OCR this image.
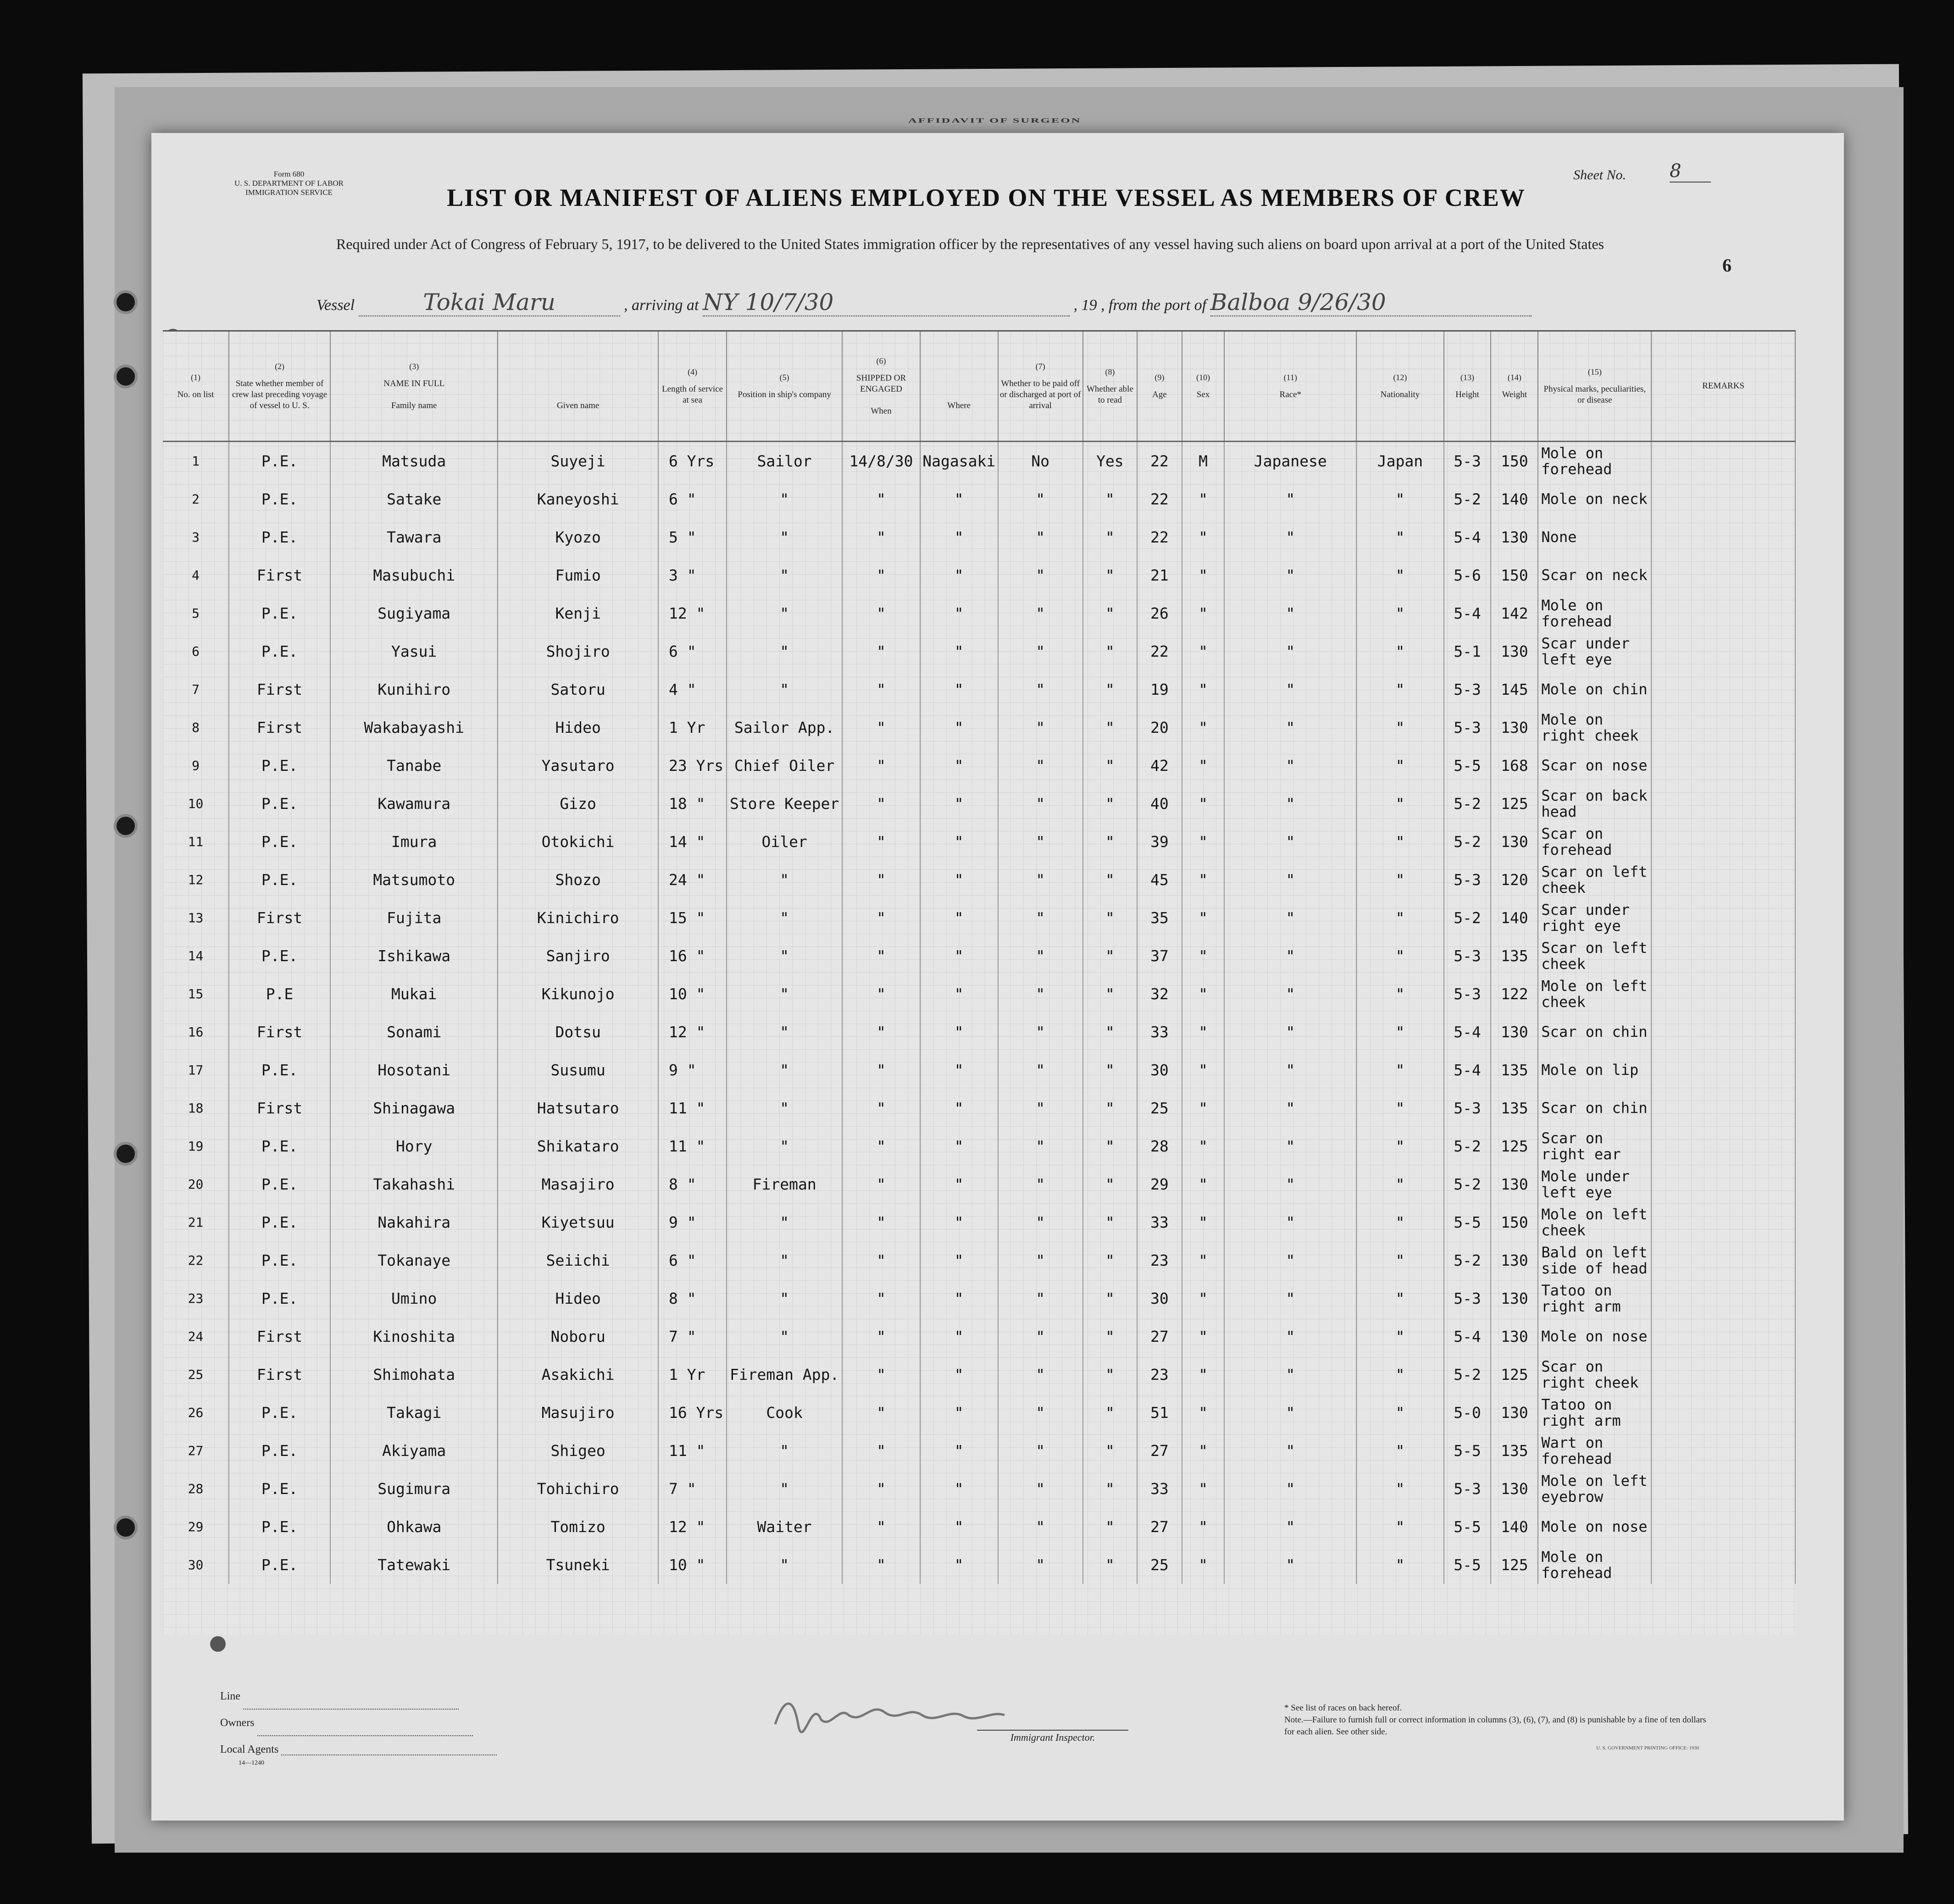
AFFIDAVIT OF SURGEON
Form 680
U. S. DEPARTMENT OF LABOR
IMMIGRATION SERVICE
Sheet No. 8
LIST OR MANIFEST OF ALIENS EMPLOYED ON THE VESSEL AS MEMBERS OF CREW
Required under Act of Congress of February 5, 1917, to be delivered to the United States immigration officer by the representatives of any vessel having such aliens on board upon arrival at a port of the United States
6
Vessel	Tokai Maru	, arriving at NY 10/7/30	, 19 , from the port of Balboa 9/26/30
(1)
No. on list	(2)
State whether member of crew last preceding voyage of vessel to U. S.	(3)
NAME IN FULL

Family name	Given name	(4)
Length of service at sea	(5)
Position in ship's company	(6)
SHIPPED OR ENGAGED

When	Where	(7)
Whether to be paid off or discharged at port of arrival	(8)
Whether able to read	(9)
Age	(10)
Sex	(11)
Race*	(12)
Nationality	(13)
Height	(14)
Weight	(15)
Physical marks, peculiarities, or disease	REMARKS
1	P.E.	Matsuda	Suyeji	6 Yrs	Sailor	14/8/30	Nagasaki	No	Yes	22	M	Japanese	Japan	5-3	150	Mole on forehead	
2	P.E.	Satake	Kaneyoshi	6 "	"	"	"	"	"	22	"	"	"	5-2	140	Mole on neck	
3	P.E.	Tawara	Kyozo	5 "	"	"	"	"	"	22	"	"	"	5-4	130	None	
4	First	Masubuchi	Fumio	3 "	"	"	"	"	"	21	"	"	"	5-6	150	Scar on neck	
5	P.E.	Sugiyama	Kenji	12 "	"	"	"	"	"	26	"	"	"	5-4	142	Mole on forehead	
6	P.E.	Yasui	Shojiro	6 "	"	"	"	"	"	22	"	"	"	5-1	130	Scar under left eye	
7	First	Kunihiro	Satoru	4 "	"	"	"	"	"	19	"	"	"	5-3	145	Mole on chin	
8	First	Wakabayashi	Hideo	1 Yr	Sailor App.	"	"	"	"	20	"	"	"	5-3	130	Mole on right cheek	
9	P.E.	Tanabe	Yasutaro	23 Yrs	Chief Oiler	"	"	"	"	42	"	"	"	5-5	168	Scar on nose	
10	P.E.	Kawamura	Gizo	18 "	Store Keeper	"	"	"	"	40	"	"	"	5-2	125	Scar on back head	
11	P.E.	Imura	Otokichi	14 "	Oiler	"	"	"	"	39	"	"	"	5-2	130	Scar on forehead	
12	P.E.	Matsumoto	Shozo	24 "	"	"	"	"	"	45	"	"	"	5-3	120	Scar on left cheek	
13	First	Fujita	Kinichiro	15 "	"	"	"	"	"	35	"	"	"	5-2	140	Scar under right eye	
14	P.E.	Ishikawa	Sanjiro	16 "	"	"	"	"	"	37	"	"	"	5-3	135	Scar on left cheek	
15	P.E	Mukai	Kikunojo	10 "	"	"	"	"	"	32	"	"	"	5-3	122	Mole on left cheek	
16	First	Sonami	Dotsu	12 "	"	"	"	"	"	33	"	"	"	5-4	130	Scar on chin	
17	P.E.	Hosotani	Susumu	9 "	"	"	"	"	"	30	"	"	"	5-4	135	Mole on lip	
18	First	Shinagawa	Hatsutaro	11 "	"	"	"	"	"	25	"	"	"	5-3	135	Scar on chin	
19	P.E.	Hory	Shikataro	11 "	"	"	"	"	"	28	"	"	"	5-2	125	Scar on right ear	
20	P.E.	Takahashi	Masajiro	8 "	Fireman	"	"	"	"	29	"	"	"	5-2	130	Mole under left eye	
21	P.E.	Nakahira	Kiyetsuu	9 "	"	"	"	"	"	33	"	"	"	5-5	150	Mole on left cheek	
22	P.E.	Tokanaye	Seiichi	6 "	"	"	"	"	"	23	"	"	"	5-2	130	Bald on left side of head	
23	P.E.	Umino	Hideo	8 "	"	"	"	"	"	30	"	"	"	5-3	130	Tatoo on right arm	
24	First	Kinoshita	Noboru	7 "	"	"	"	"	"	27	"	"	"	5-4	130	Mole on nose	
25	First	Shimohata	Asakichi	1 Yr	Fireman App.	"	"	"	"	23	"	"	"	5-2	125	Scar on right cheek	
26	P.E.	Takagi	Masujiro	16 Yrs	Cook	"	"	"	"	51	"	"	"	5-0	130	Tatoo on right arm	
27	P.E.	Akiyama	Shigeo	11 "	"	"	"	"	"	27	"	"	"	5-5	135	Wart on forehead	
28	P.E.	Sugimura	Tohichiro	7 "	"	"	"	"	"	33	"	"	"	5-3	130	Mole on left eyebrow	
29	P.E.	Ohkawa	Tomizo	12 "	Waiter	"	"	"	"	27	"	"	"	5-5	140	Mole on nose	
30	P.E.	Tatewaki	Tsuneki	10 "	"	"	"	"	"	25	"	"	"	5-5	125	Mole on forehead	
Line
Owners
Local Agents
14—1240
Immigrant Inspector.
* See list of races on back hereof.
Note.—Failure to furnish full or correct information in columns (3), (6), (7), and (8) is punishable by a fine of ten dollars for each alien. See other side.
U. S. GOVERNMENT PRINTING OFFICE: 1930
